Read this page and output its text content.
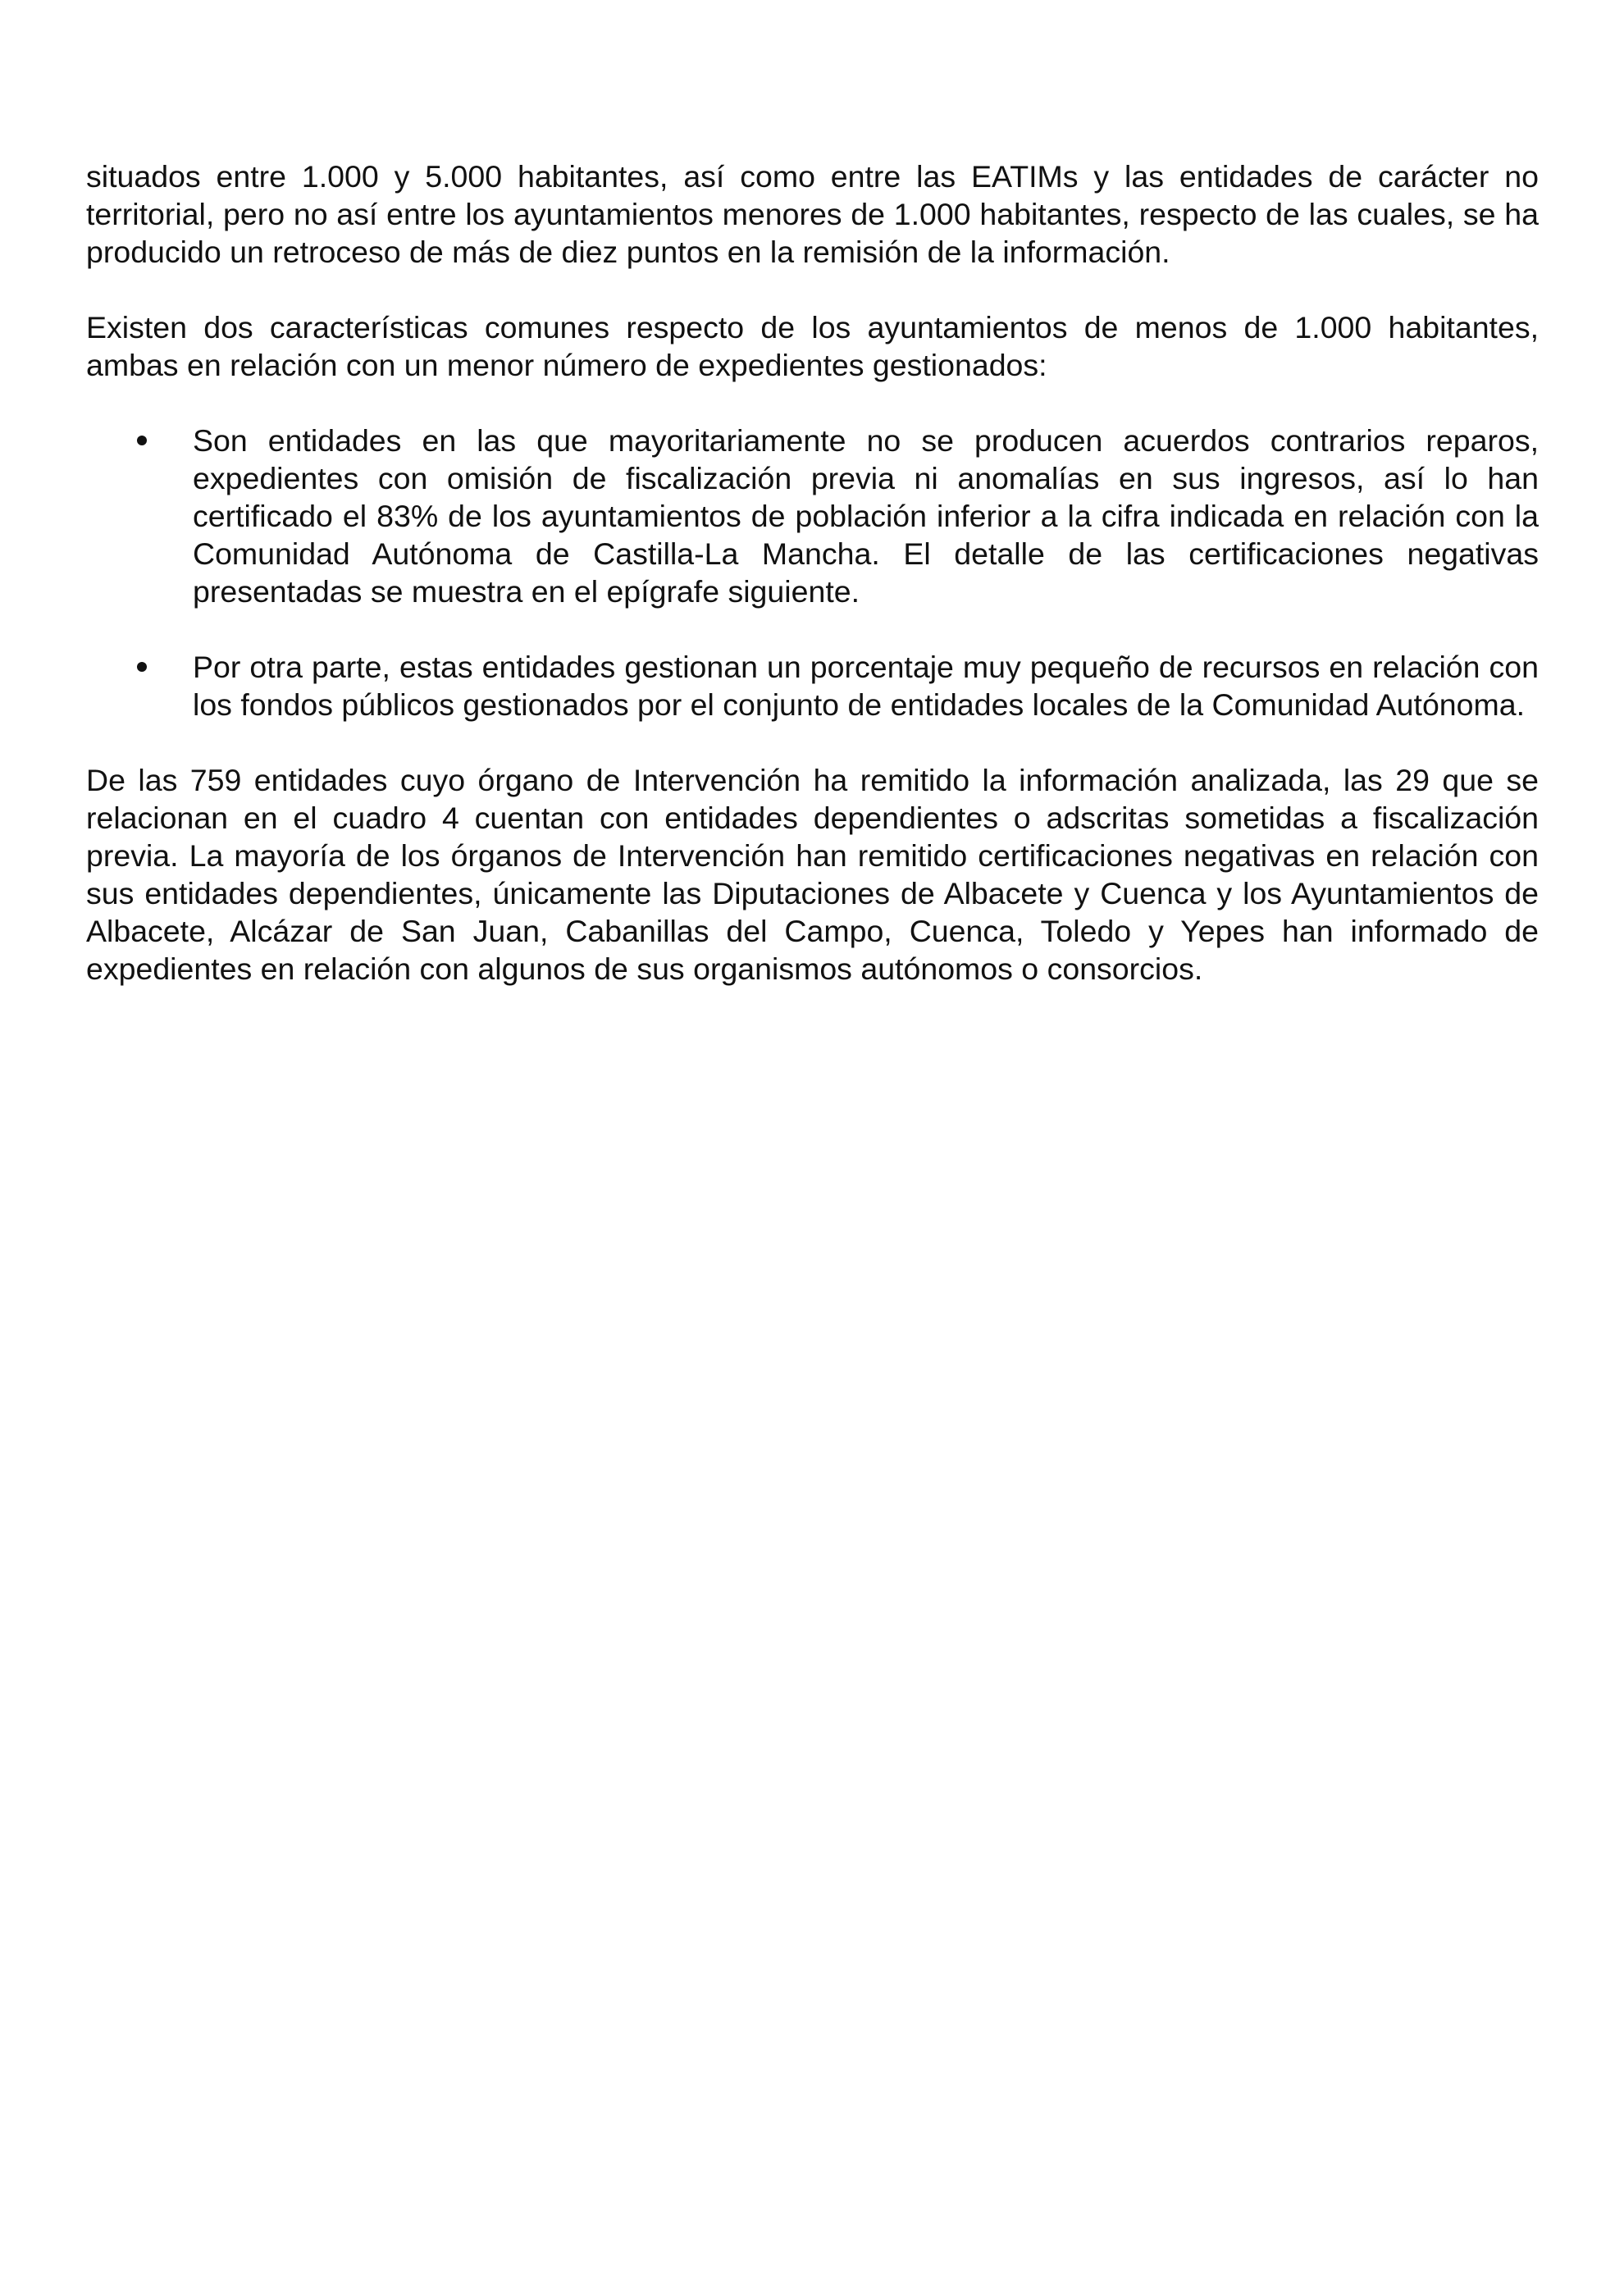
situados entre 1.000 y 5.000 habitantes, así como entre las EATIMs y las entidades de carácter no territorial, pero no así entre los ayuntamientos menores de 1.000 habitantes, respecto de las cuales, se ha producido un retroceso de más de diez puntos en la remisión de la información.

Existen dos características comunes respecto de los ayuntamientos de menos de 1.000 habitantes, ambas en relación con un menor número de expedientes gestionados:

Son entidades en las que mayoritariamente no se producen acuerdos contrarios reparos, expedientes con omisión de fiscalización previa ni anomalías en sus ingresos, así lo han certificado el 83% de los ayuntamientos de población inferior a la cifra indicada en relación con la Comunidad Autónoma de Castilla-La Mancha. El detalle de las certificaciones negativas presentadas se muestra en el epígrafe siguiente.

Por otra parte, estas entidades gestionan un porcentaje muy pequeño de recursos en relación con los fondos públicos gestionados por el conjunto de entidades locales de la Comunidad Autónoma.

De las 759 entidades cuyo órgano de Intervención ha remitido la información analizada, las 29 que se relacionan en el cuadro 4 cuentan con entidades dependientes o adscritas sometidas a fiscalización previa. La mayoría de los órganos de Intervención han remitido certificaciones negativas en relación con sus entidades dependientes, únicamente las Diputaciones de Albacete y Cuenca y los Ayuntamientos de Albacete, Alcázar de San Juan, Cabanillas del Campo, Cuenca, Toledo y Yepes han informado de expedientes en relación con algunos de sus organismos autónomos o consorcios.
